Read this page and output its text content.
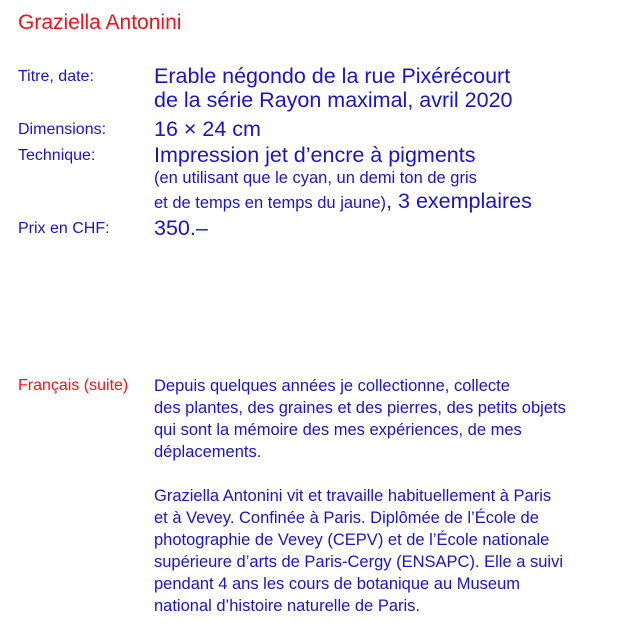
Graziella Antonini
Titre, date:	Erable négondo de la rue Pixérécourt
de la série Rayon maximal, avril 2020
Dimensions: 16 × 24 cm
Technique:	Impression jet d’encre à pigments
(en utilisant que le cyan, un demi ton de gris
et de temps en temps du jaune), 3 exemplaires
Prix en CHF: 350.–
Français (suite) Depuis quelques années je collectionne, collecte
des plantes, des graines et des pierres, des petits objets
qui sont la mémoire des mes expériences, de mes
déplacements.

Graziella Antonini vit et travaille habituellement à Paris
et à Vevey. Confinée à Paris. Diplômée de l’École de
photographie de Vevey (CEPV) et de l’École nationale
supérieure d’arts de Paris-Cergy (ENSAPC). Elle a suivi
pendant 4 ans les cours de botanique au Museum
national d’histoire naturelle de Paris.
